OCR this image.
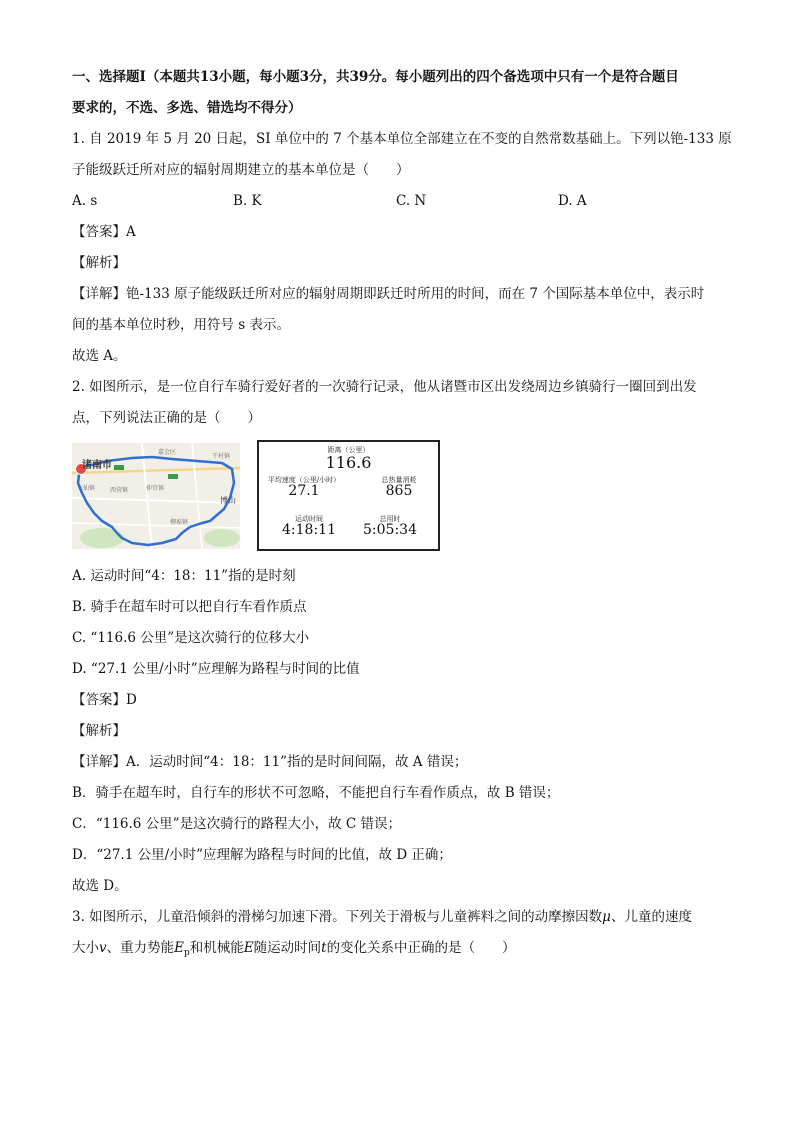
一、选择题Ⅰ（本题共13小题，每小题3分，共39分。每小题列出的四个备选项中只有一个是符合题目
要求的，不选、多选、错选均不得分）
1. 自 2019 年 5 月 20 日起，SI 单位中的 7 个基本单位全部建立在不变的自然常数基础上。下列以铯-133 原
子能级跃迁所对应的辐射周期建立的基本单位是（　　）
A. s	B. K	C. N	D. A
【答案】A
【解析】
【详解】铯-133 原子能级跃迁所对应的辐射周期即跃迁时所用的时间，而在 7 个国际基本单位中，表示时
间的基本单位时秒，用符号 s 表示。
故选 A。
2. 如图所示，是一位自行车骑行爱好者的一次骑行记录，他从诸暨市区出发绕周边乡镇骑行一圈回到出发
点，下列说法正确的是（　　）
诸南市
嘉会区
干村镇
三仙镇 西营镇	仲宫镇
柳埠镇
博山
距离（公里）
116.6
平均速度（公里/小时）
27.1
总热量消耗
865
运动时间
4:18:11
总用时
5:05:34
A. 运动时间“4：18：11”指的是时刻
B. 骑手在超车时可以把自行车看作质点
C. “116.6 公里”是这次骑行的位移大小
D. “27.1 公里/小时”应理解为路程与时间的比值
【答案】D
【解析】
【详解】A．运动时间“4：18：11”指的是时间间隔，故 A 错误；
B．骑手在超车时，自行车的形状不可忽略，不能把自行车看作质点，故 B 错误；
C．“116.6 公里”是这次骑行的路程大小，故 C 错误；
D．“27.1 公里/小时”应理解为路程与时间的比值，故 D 正确；
故选 D。
3. 如图所示，儿童沿倾斜的滑梯匀加速下滑。下列关于滑板与儿童裤料之间的动摩擦因数μ、儿童的速度
大小v、重力势能$E_p$和机械能E随运动时间t的变化关系中正确的是（　　）
